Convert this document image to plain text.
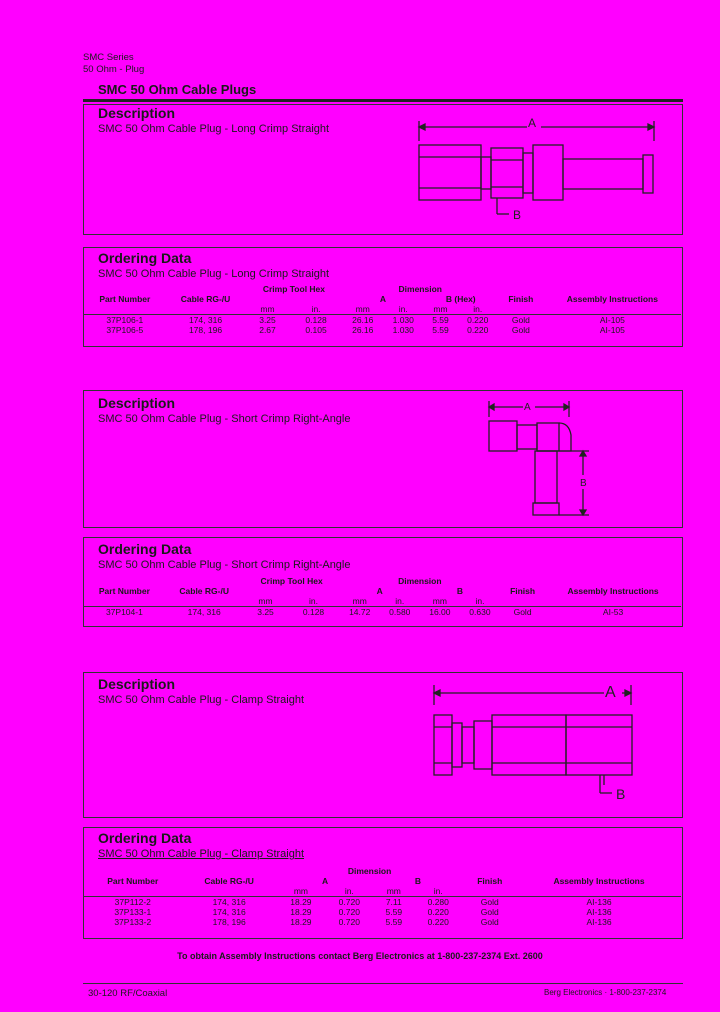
SMC Series
50 Ohm - Plug
SMC 50 Ohm Cable Plugs
Description
SMC 50 Ohm Cable Plug - Long Crimp Straight
B
A
Ordering Data
SMC 50 Ohm Cable Plug - Long Crimp Straight
		Crimp Tool Hex		Dimension					
Part Number	Cable RG-/U			A		B (Hex)		Finish	Assembly Instructions
		mm	in.	mm	in.	mm	in.		
37P106-1	174, 316	3.25	0.128	26.16	1.030	5.59	0.220	Gold	AI-105
37P106-5	178, 196	2.67	0.105	26.16	1.030	5.59	0.220	Gold	AI-105
Description
SMC 50 Ohm Cable Plug - Short Crimp Right-Angle
B
A
Ordering Data
SMC 50 Ohm Cable Plug - Short Crimp Right-Angle
		Crimp Tool Hex		Dimension					
Part Number	Cable RG-/U			A		B		Finish	Assembly Instructions
		mm	in.	mm	in.	mm	in.		
37P104-1	174, 316	3.25	0.128	14.72	0.580	16.00	0.630	Gold	AI-53
Description
SMC 50 Ohm Cable Plug - Clamp Straight	A
B
Ordering Data
SMC 50 Ohm Cable Plug - Clamp Straight
		Dimension					
Part Number	Cable RG-/U	A		B		Finish	Assembly Instructions
		mm	in.	mm	in.		
37P112-2	174, 316	18.29	0.720	7.11	0.280	Gold	AI-136
37P133-1	174, 316	18.29	0.720	5.59	0.220	Gold	AI-136
37P133-2	178, 196	18.29	0.720	5.59	0.220	Gold	AI-136
To obtain Assembly Instructions contact Berg Electronics at 1-800-237-2374 Ext. 2600
30-120 RF/Coaxial	Berg Electronics · 1-800-237-2374
